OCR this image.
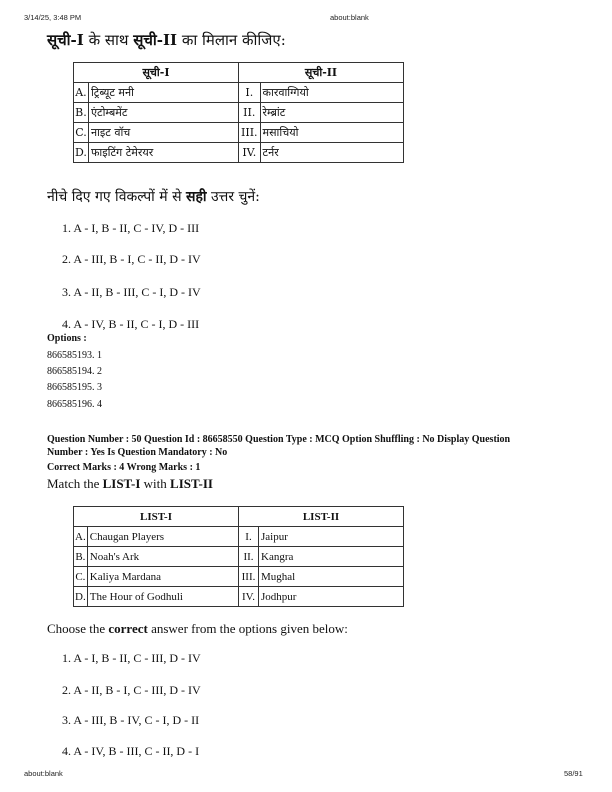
3/14/25, 3:48 PM	about:blank
सूची-I के साथ सूची-II का मिलान कीजिए:
सूची-I		सूची-II	
A.	ट्रिब्यूट मनी	I.	कारवाग्गियो
B.	एंटोम्बमेंट	II.	रेम्ब्रांट
C.	नाइट वॉच	III.	मसाचियो
D.	फाइटिंग टेमेरयर	IV.	टर्नर
नीचे दिए गए विकल्पों में से सही उत्तर चुनें:
1. A - I, B - II, C - IV, D - III
2. A - III, B - I, C - II, D - IV
3. A - II, B - III, C - I, D - IV
4. A - IV, B - II, C - I, D - III
Options :
866585193. 1
866585194. 2
866585195. 3
866585196. 4
Question Number : 50 Question Id : 86658550 Question Type : MCQ Option Shuffling : No Display Question
Number : Yes Is Question Mandatory : No
Correct Marks : 4 Wrong Marks : 1
Match the LIST-I with LIST-II
LIST-I		LIST-II	
A.	Chaugan Players	I.	Jaipur
B.	Noah's Ark	II.	Kangra
C.	Kaliya Mardana	III.	Mughal
D.	The Hour of Godhuli	IV.	Jodhpur
Choose the correct answer from the options given below:
1. A - I, B - II, C - III, D - IV
2. A - II, B - I, C - III, D - IV
3. A - III, B - IV, C - I, D - II
4. A - IV, B - III, C - II, D - I
about:blank	58/91
